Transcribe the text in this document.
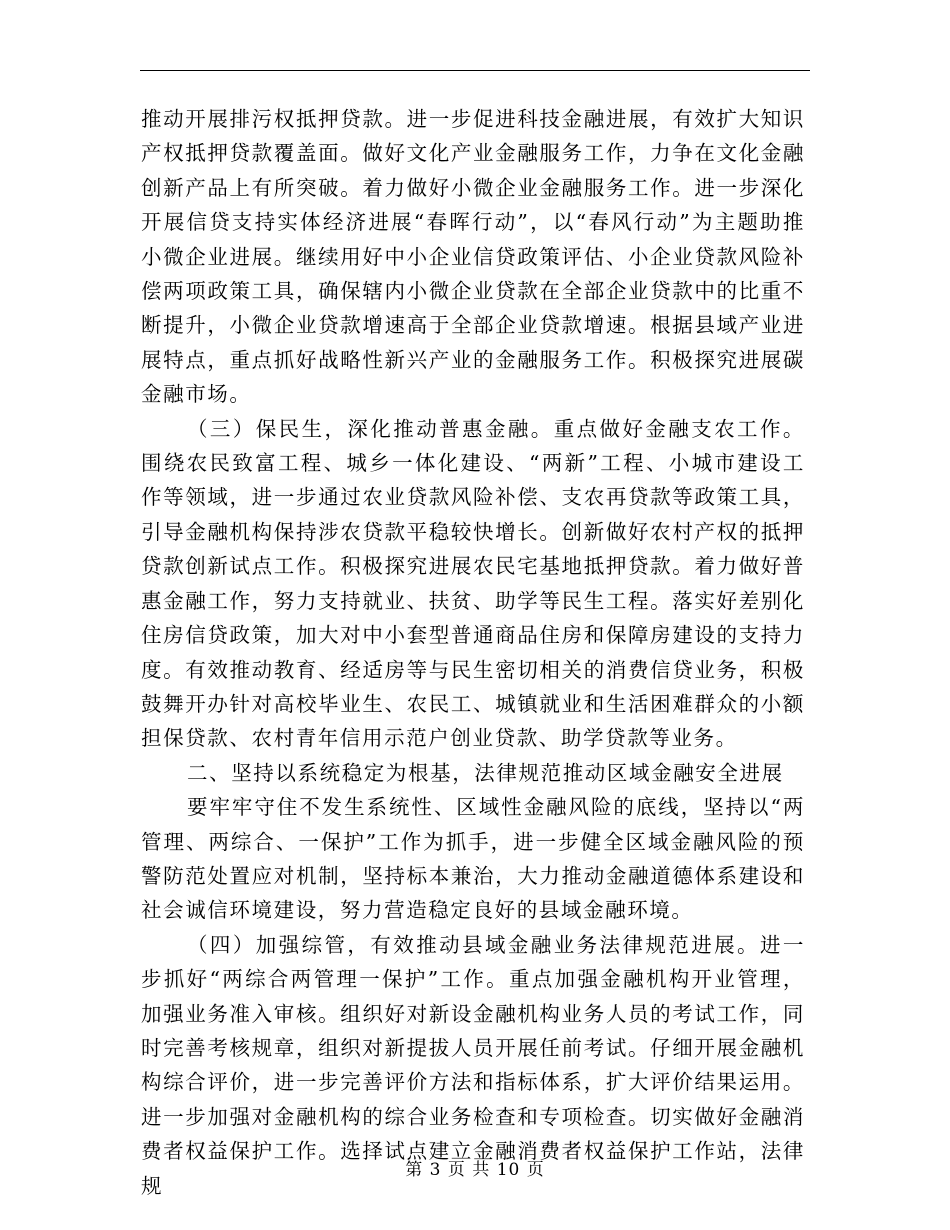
推动开展排污权抵押贷款。进一步促进科技金融进展，有效扩大知识产权抵押贷款覆盖面。做好文化产业金融服务工作，力争在文化金融创新产品上有所突破。着力做好小微企业金融服务工作。进一步深化开展信贷支持实体经济进展“春晖行动”，以“春风行动”为主题助推小微企业进展。继续用好中小企业信贷政策评估、小企业贷款风险补偿两项政策工具，确保辖内小微企业贷款在全部企业贷款中的比重不断提升，小微企业贷款增速高于全部企业贷款增速。根据县域产业进展特点，重点抓好战略性新兴产业的金融服务工作。积极探究进展碳金融市场。

（三）保民生，深化推动普惠金融。重点做好金融支农工作。围绕农民致富工程、城乡一体化建设、“两新”工程、小城市建设工作等领域，进一步通过农业贷款风险补偿、支农再贷款等政策工具，引导金融机构保持涉农贷款平稳较快增长。创新做好农村产权的抵押贷款创新试点工作。积极探究进展农民宅基地抵押贷款。着力做好普惠金融工作，努力支持就业、扶贫、助学等民生工程。落实好差别化住房信贷政策，加大对中小套型普通商品住房和保障房建设的支持力度。有效推动教育、经适房等与民生密切相关的消费信贷业务，积极鼓舞开办针对高校毕业生、农民工、城镇就业和生活困难群众的小额担保贷款、农村青年信用示范户创业贷款、助学贷款等业务。

二、坚持以系统稳定为根基，法律规范推动区域金融安全进展

要牢牢守住不发生系统性、区域性金融风险的底线，坚持以“两管理、两综合、一保护”工作为抓手，进一步健全区域金融风险的预警防范处置应对机制，坚持标本兼治，大力推动金融道德体系建设和社会诚信环境建设，努力营造稳定良好的县域金融环境。

（四）加强综管，有效推动县域金融业务法律规范进展。进一步抓好“两综合两管理一保护”工作。重点加强金融机构开业管理，加强业务准入审核。组织好对新设金融机构业务人员的考试工作，同时完善考核规章，组织对新提拔人员开展任前考试。仔细开展金融机构综合评价，进一步完善评价方法和指标体系，扩大评价结果运用。进一步加强对金融机构的综合业务检查和专项检查。切实做好金融消费者权益保护工作。选择试点建立金融消费者权益保护工作站，法律规

第 3 页 共 10 页
